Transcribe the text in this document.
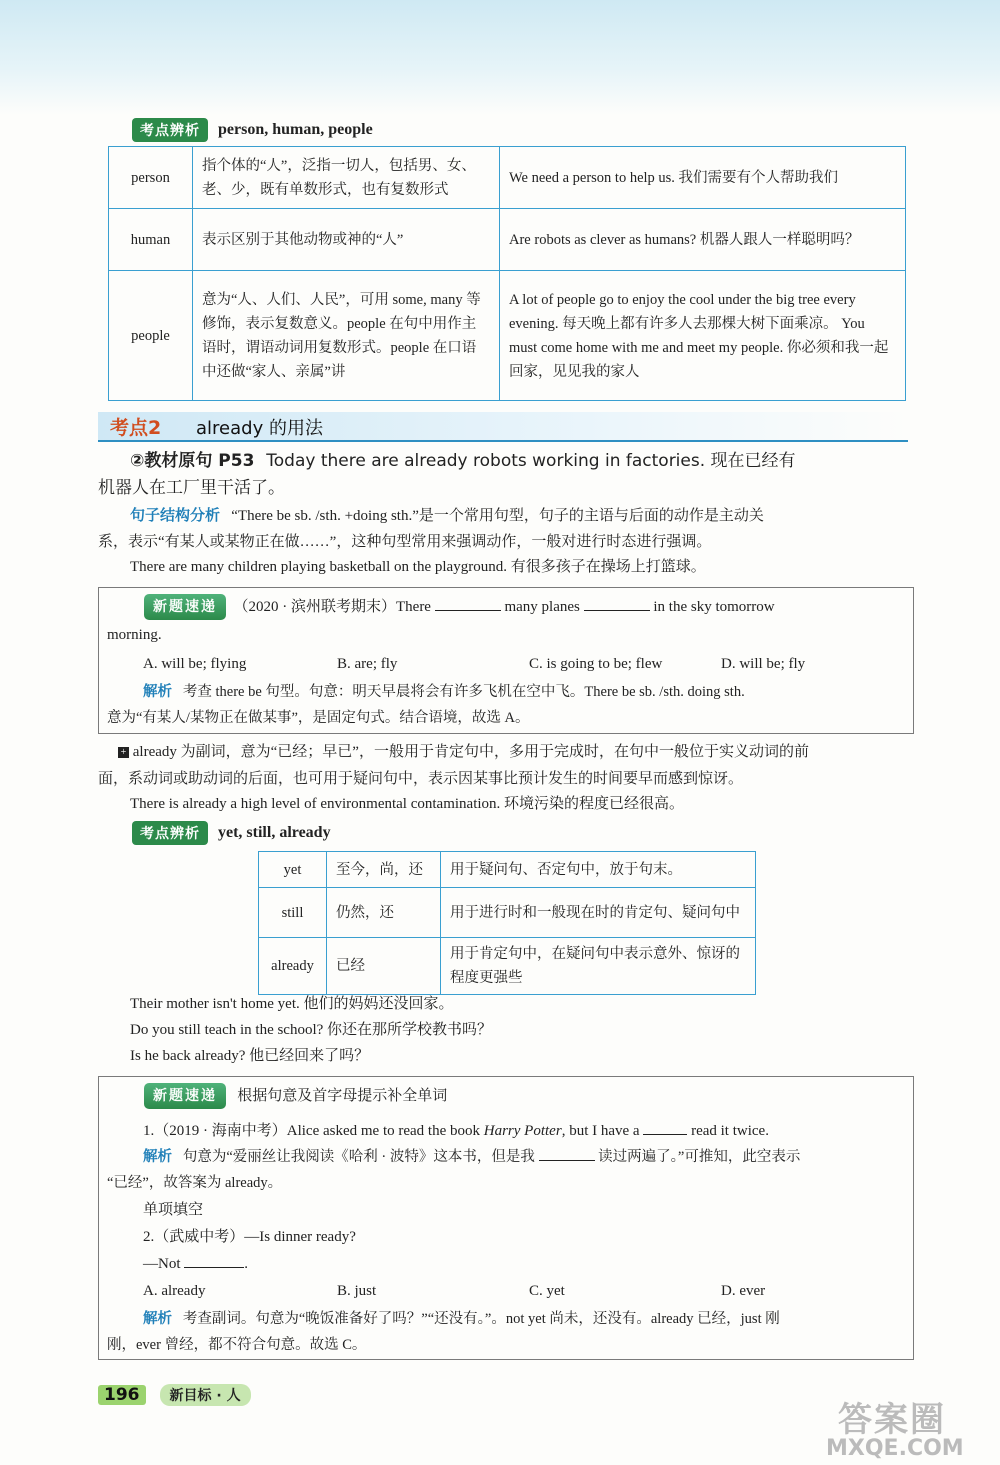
考点辨析	person, human, people
person	指个体的“人”，泛指一切人，包括男、女、老、少，既有单数形式，也有复数形式	We need a person to help us. 我们需要有个人帮助我们
human	表示区别于其他动物或神的“人”	Are robots as clever as humans? 机器人跟人一样聪明吗？
people	意为“人、人们、人民”，可用 some, many 等修饰，表示复数意义。people 在句中用作主语时，谓语动词用复数形式。people 在口语中还做“家人、亲属”讲	A lot of people go to enjoy the cool under the big tree every evening. 每天晚上都有许多人去那棵大树下面乘凉。 You must come home with me and meet my people. 你必须和我一起回家，见见我的家人
考点2 already 的用法
②教材原句 P53 Today there are already robots working in factories. 现在已经有
机器人在工厂里干活了。
句子结构分析 “There be sb. /sth. +doing sth.”是一个常用句型，句子的主语与后面的动作是主动关
系，表示“有某人或某物正在做……”，这种句型常用来强调动作，一般对进行时态进行强调。
There are many children playing basketball on the playground. 有很多孩子在操场上打篮球。
新题速递 （2020 · 滨州联考期末）There	many planes	in the sky tomorrow
morning.
A. will be; flying	B. are; fly	C. is going to be; flew	D. will be; fly
解析 考查 there be 句型。句意：明天早晨将会有许多飞机在空中飞。There be sb. /sth. doing sth.
意为“有某人/某物正在做某事”，是固定句式。结合语境，故选 A。
+ already 为副词，意为“已经；早已”，一般用于肯定句中，多用于完成时，在句中一般位于实义动词的前
面，系动词或助动词的后面，也可用于疑问句中，表示因某事比预计发生的时间要早而感到惊讶。
There is already a high level of environmental contamination. 环境污染的程度已经很高。
考点辨析	yet, still, already
yet	至今，尚，还	用于疑问句、否定句中，放于句末。
still	仍然，还	用于进行时和一般现在时的肯定句、疑问句中
already	已经	用于肯定句中，在疑问句中表示意外、惊讶的程度更强些
Their mother isn't home yet. 他们的妈妈还没回家。
Do you still teach in the school? 你还在那所学校教书吗？
Is he back already? 他已经回来了吗？
新题速递 根据句意及首字母提示补全单词
1.（2019 · 海南中考）Alice asked me to read the book Harry Potter, but I have a	read it twice.
解析 句意为“爱丽丝让我阅读《哈利 · 波特》这本书，但是我	读过两遍了。”可推知，此空表示
“已经”，故答案为 already。
单项填空
2.（武威中考）—Is dinner ready?
—Not	.
A. already	B. just	C. yet	D. ever
解析 考查副词。句意为“晚饭准备好了吗？”“还没有。”。not yet 尚未，还没有。already 已经，just 刚
刚，ever 曾经，都不符合句意。故选 C。
196	新目标 · 人
答案圈
MXQE.COM
